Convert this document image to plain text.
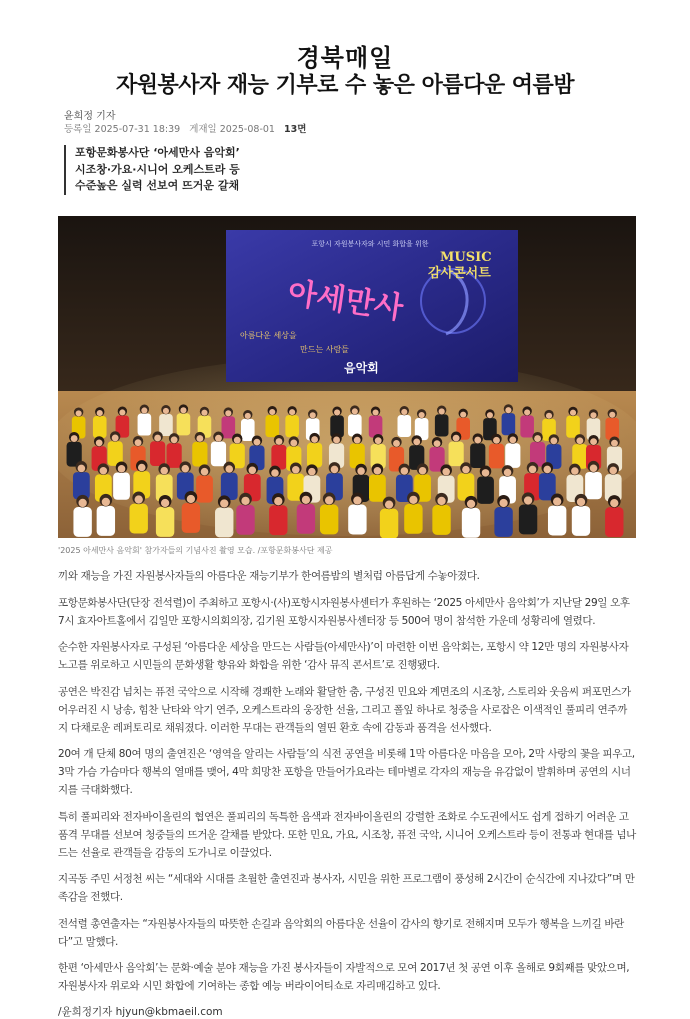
경북매일
자원봉사자 재능 기부로 수 놓은 아름다운 여름밤
윤희정 기자
등록일 2025-07-31 18:39 게재일 2025-08-01 13면
포항문화봉사단 ‘아세만사 음악회’
시조창·가요·시니어 오케스트라 등
수준높은 실력 선보여 뜨거운 갈채
포항시 자원봉사자와 시민 화합을 위한
MUSIC
감사콘서트
아세만사
아름다운 세상을
만드는 사람들
음악회
'2025 아세만사 음악회' 참가자들의 기념사진 촬영 모습. /포항문화봉사단 제공

끼와 재능을 가진 자원봉사자들의 아름다운 재능기부가 한여름밤의 별처럼 아름답게 수놓아졌다.

포항문화봉사단(단장 전석렬)이 주최하고 포항시·(사)포항시자원봉사센터가 후원하는 ‘2025 아세만사 음악회’가 지난달 29일 오후 7시 효자아트홀에서 김일만 포항시의회의장, 김기원 포항시자원봉사센터장 등 500여 명이 참석한 가운데 성황리에 열렸다.

순수한 자원봉사자로 구성된 ‘아름다운 세상을 만드는 사람들(아세만사)’이 마련한 이번 음악회는, 포항시 약 12만 명의 자원봉사자 노고를 위로하고 시민들의 문화생활 향유와 화합을 위한 ‘감사 뮤직 콘서트’로 진행됐다.

공연은 박진감 넘치는 퓨전 국악으로 시작해 경쾌한 노래와 활달한 춤, 구성진 민요와 계면조의 시조창, 스토리와 웃음씨 퍼포먼스가 어우러진 시 낭송, 힘찬 난타와 악기 연주, 오케스트라의 웅장한 선율, 그리고 폴잎 하나로 청중을 사로잡은 이색적인 풀피리 연주까지 다채로운 레퍼토리로 채워졌다. 이러한 무대는 관객들의 열띤 환호 속에 감동과 품격을 선사했다.

20여 개 단체 80여 명의 출연진은 ‘영역을 알리는 사람들’의 식전 공연을 비롯해 1막 아름다운 마음을 모아, 2막 사랑의 꽃을 피우고, 3막 가슴 가슴마다 행복의 열매를 맺어, 4막 희망찬 포항을 만들어가요라는 테마별로 각자의 재능을 유감없이 발휘하며 공연의 시너지를 극대화했다.

특히 풀피리와 전자바이올린의 협연은 풀피리의 독특한 음색과 전자바이올린의 강렬한 조화로 수도권에서도 쉽게 접하기 어려운 고품격 무대를 선보여 청중들의 뜨거운 갈채를 받았다. 또한 민요, 가요, 시조창, 퓨전 국악, 시니어 오케스트라 등이 전통과 현대를 넘나드는 선율로 관객들을 감동의 도가니로 이끌었다.

지곡동 주민 서정천 씨는 “세대와 시대를 초월한 출연진과 봉사자, 시민을 위한 프로그램이 풍성해 2시간이 순식간에 지나갔다”며 만족감을 전했다.

전석렬 총연출자는 “자원봉사자들의 따뜻한 손길과 음악회의 아름다운 선율이 감사의 향기로 전해지며 모두가 행복을 느끼길 바란다”고 말했다.

한편 ‘아세만사 음악회’는 문화·예술 분야 재능을 가진 봉사자들이 자발적으로 모여 2017년 첫 공연 이후 올해로 9회째를 맞았으며, 자원봉사자 위로와 시민 화합에 기여하는 종합 예능 버라이어티쇼로 자리매김하고 있다.

/윤희정기자 hjyun@kbmaeil.com
